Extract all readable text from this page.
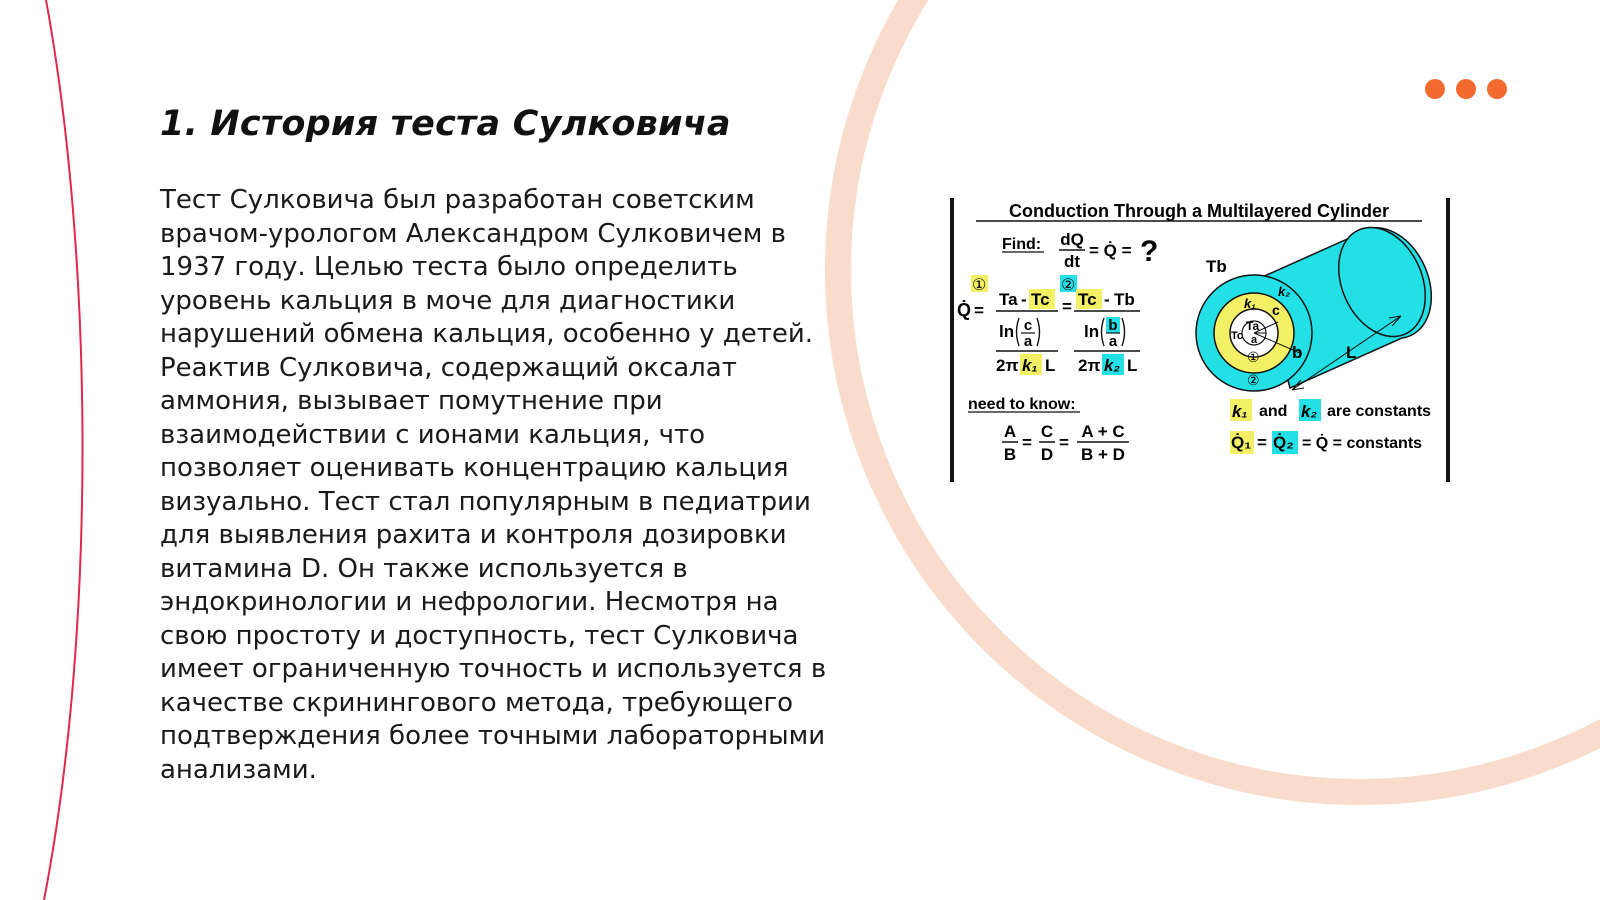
1. История теста Сулковича
Тест Сулковича был разработан советским врачом-урологом Александром Сулковичем в 1937 году. Целью теста было определить уровень кальция в моче для диагностики нарушений обмена кальция, особенно у детей. Реактив Сулковича, содержащий оксалат аммония, вызывает помутнение при взаимодействии с ионами кальция, что позволяет оценивать концентрацию кальция визуально. Тест стал популярным в педиатрии для выявления рахита и контроля дозировки витамина D. Он также используется в эндокринологии и нефрологии. Несмотря на свою простоту и доступность, тест Сулковича имеет ограниченную точность и используется в качестве скринингового метода, требующего подтверждения более точными лабораторными анализами.
Conduction Through a Multilayered Cylinder
Find: dQ
dt
= Q̇ = ?
Q̇ =
①
Ta - Tc
ln c
a
2π k₁ L
=
②
Tc - Tb
ln b
a
2π k₂ L
need to know:
A
B
=
C
D
=
A + C
B + D
Ta
a
Tc
k₁ c
k₂
b
①
②
Tb
L
k₁ and k₂ are constants
Q̇₁ = Q̇₂ = Q̇ = constants
